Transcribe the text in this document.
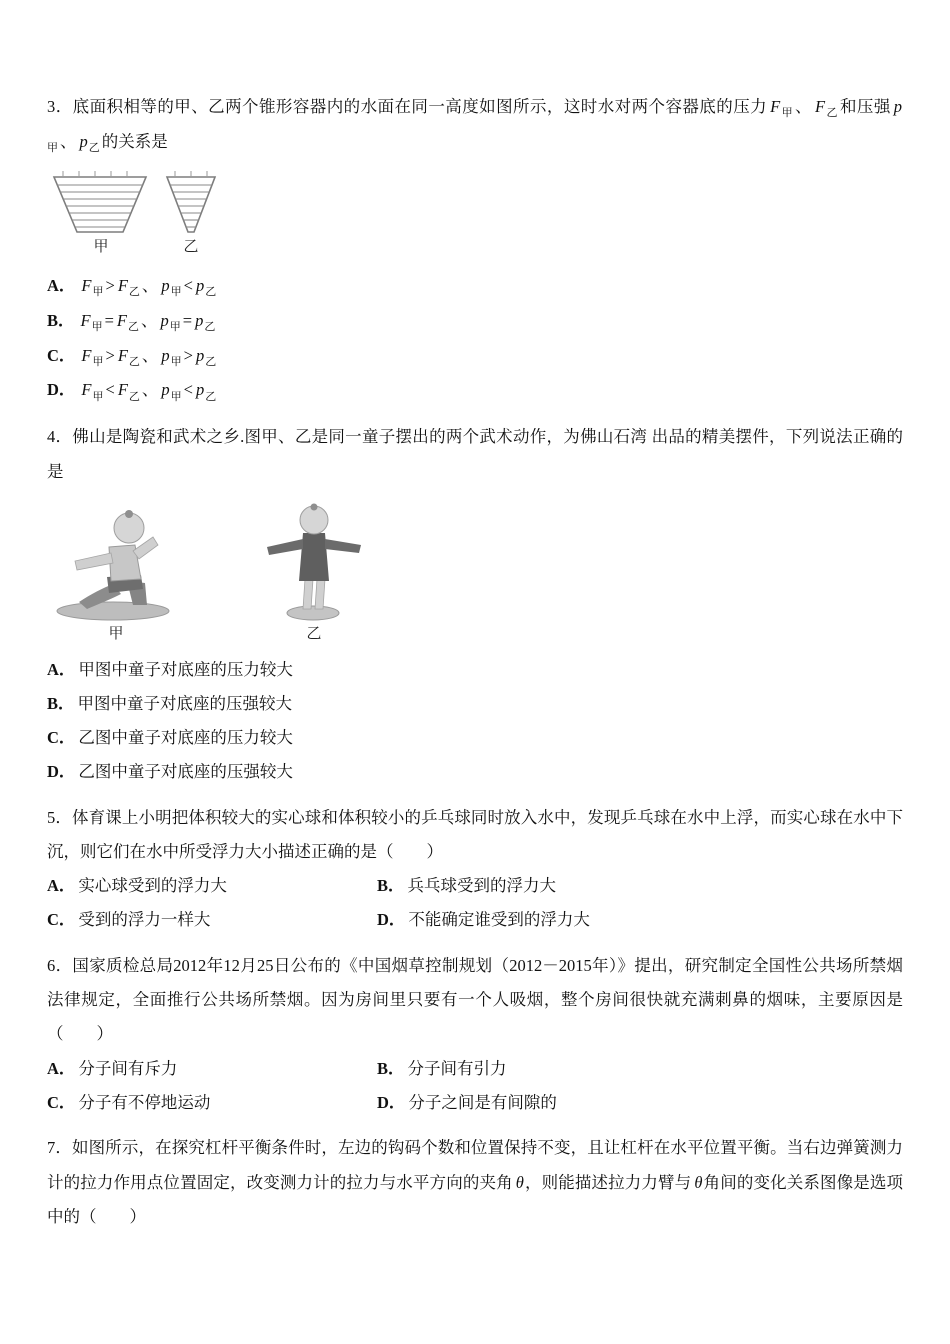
3．底面积相等的甲、乙两个锥形容器内的水面在同一高度如图所示，这时水对两个容器底的压力 $F_甲$ 、 $F_乙$ 和压强 $p_甲$ 、 $p_乙$ 的关系是

甲	乙

A． $F_甲 > F_乙$ 、 $p_甲 < p_乙$

B． $F_甲 = F_乙$ 、 $p_甲 = p_乙$

C． $F_甲 > F_乙$ 、 $p_甲 > p_乙$

D． $F_甲 < F_乙$ 、 $p_甲 < p_乙$

4．佛山是陶瓷和武术之乡.图甲、乙是同一童子摆出的两个武术动作，为佛山石湾 出品的精美摆件，下列说法正确的是

甲	乙

A． 甲图中童子对底座的压力较大

B． 甲图中童子对底座的压强较大

C． 乙图中童子对底座的压力较大

D． 乙图中童子对底座的压强较大

5．体育课上小明把体积较大的实心球和体积较小的乒乓球同时放入水中，发现乒乓球在水中上浮，而实心球在水中下沉，则它们在水中所受浮力大小描述正确的是（　　）

A． 实心球受到的浮力大	B． 兵乓球受到的浮力大

C． 受到的浮力一样大	D． 不能确定谁受到的浮力大

6．国家质检总局2012年12月25日公布的《中国烟草控制规划（2012－2015年）》提出，研究制定全国性公共场所禁烟法律规定，全面推行公共场所禁烟。因为房间里只要有一个人吸烟，整个房间很快就充满刺鼻的烟味，主要原因是（　　）

A． 分子间有斥力	B． 分子间有引力

C． 分子有不停地运动	D． 分子之间是有间隙的

7．如图所示，在探究杠杆平衡条件时，左边的钩码个数和位置保持不变，且让杠杆在水平位置平衡。当右边弹簧测力计的拉力作用点位置固定，改变测力计的拉力与水平方向的夹角 θ，则能描述拉力力臂与 θ角间的变化关系图像是选项中的（　　）
